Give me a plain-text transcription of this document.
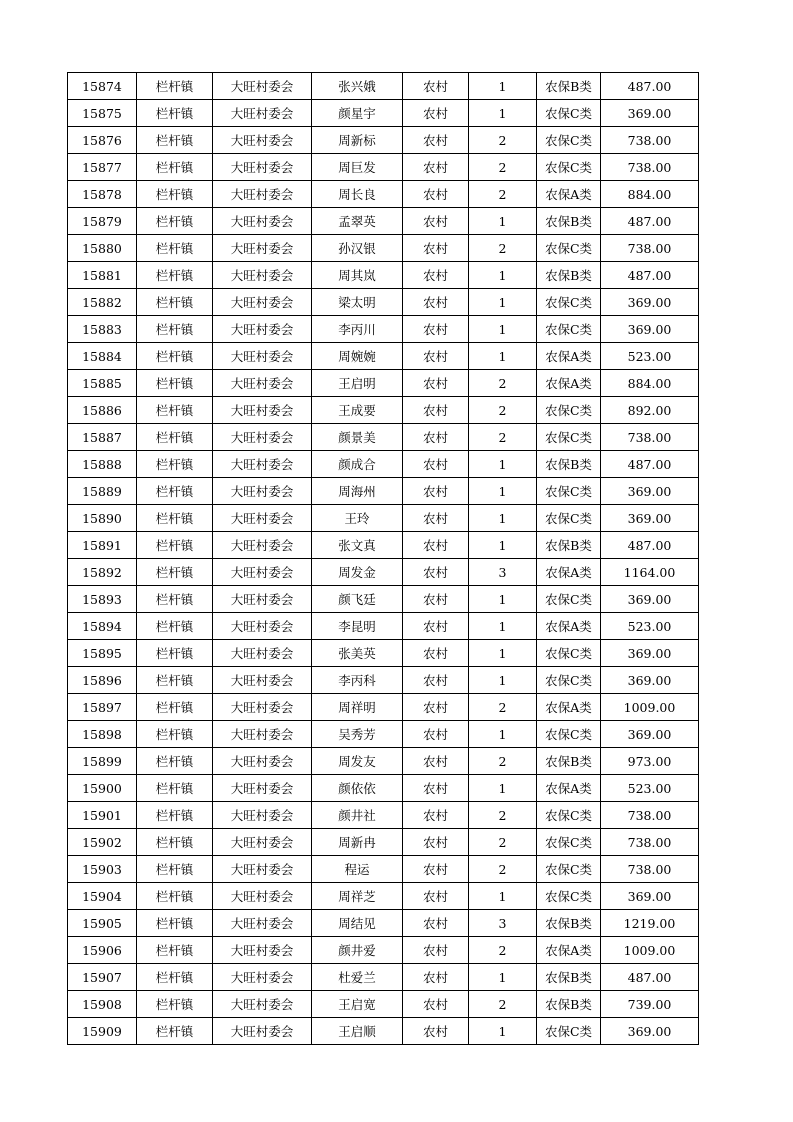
15874	栏杆镇	大旺村委会	张兴娥	农村	1	农保B类	487.00
15875	栏杆镇	大旺村委会	颜星宇	农村	1	农保C类	369.00
15876	栏杆镇	大旺村委会	周新标	农村	2	农保C类	738.00
15877	栏杆镇	大旺村委会	周巨发	农村	2	农保C类	738.00
15878	栏杆镇	大旺村委会	周长良	农村	2	农保A类	884.00
15879	栏杆镇	大旺村委会	孟翠英	农村	1	农保B类	487.00
15880	栏杆镇	大旺村委会	孙汉银	农村	2	农保C类	738.00
15881	栏杆镇	大旺村委会	周其岚	农村	1	农保B类	487.00
15882	栏杆镇	大旺村委会	梁太明	农村	1	农保C类	369.00
15883	栏杆镇	大旺村委会	李丙川	农村	1	农保C类	369.00
15884	栏杆镇	大旺村委会	周婉婉	农村	1	农保A类	523.00
15885	栏杆镇	大旺村委会	王启明	农村	2	农保A类	884.00
15886	栏杆镇	大旺村委会	王成要	农村	2	农保C类	892.00
15887	栏杆镇	大旺村委会	颜景美	农村	2	农保C类	738.00
15888	栏杆镇	大旺村委会	颜成合	农村	1	农保B类	487.00
15889	栏杆镇	大旺村委会	周海州	农村	1	农保C类	369.00
15890	栏杆镇	大旺村委会	王玲	农村	1	农保C类	369.00
15891	栏杆镇	大旺村委会	张文真	农村	1	农保B类	487.00
15892	栏杆镇	大旺村委会	周发金	农村	3	农保A类	1164.00
15893	栏杆镇	大旺村委会	颜飞廷	农村	1	农保C类	369.00
15894	栏杆镇	大旺村委会	李昆明	农村	1	农保A类	523.00
15895	栏杆镇	大旺村委会	张美英	农村	1	农保C类	369.00
15896	栏杆镇	大旺村委会	李丙科	农村	1	农保C类	369.00
15897	栏杆镇	大旺村委会	周祥明	农村	2	农保A类	1009.00
15898	栏杆镇	大旺村委会	吴秀芳	农村	1	农保C类	369.00
15899	栏杆镇	大旺村委会	周发友	农村	2	农保B类	973.00
15900	栏杆镇	大旺村委会	颜依依	农村	1	农保A类	523.00
15901	栏杆镇	大旺村委会	颜井社	农村	2	农保C类	738.00
15902	栏杆镇	大旺村委会	周新冉	农村	2	农保C类	738.00
15903	栏杆镇	大旺村委会	程运	农村	2	农保C类	738.00
15904	栏杆镇	大旺村委会	周祥芝	农村	1	农保C类	369.00
15905	栏杆镇	大旺村委会	周结见	农村	3	农保B类	1219.00
15906	栏杆镇	大旺村委会	颜井爱	农村	2	农保A类	1009.00
15907	栏杆镇	大旺村委会	杜爱兰	农村	1	农保B类	487.00
15908	栏杆镇	大旺村委会	王启宽	农村	2	农保B类	739.00
15909	栏杆镇	大旺村委会	王启顺	农村	1	农保C类	369.00
